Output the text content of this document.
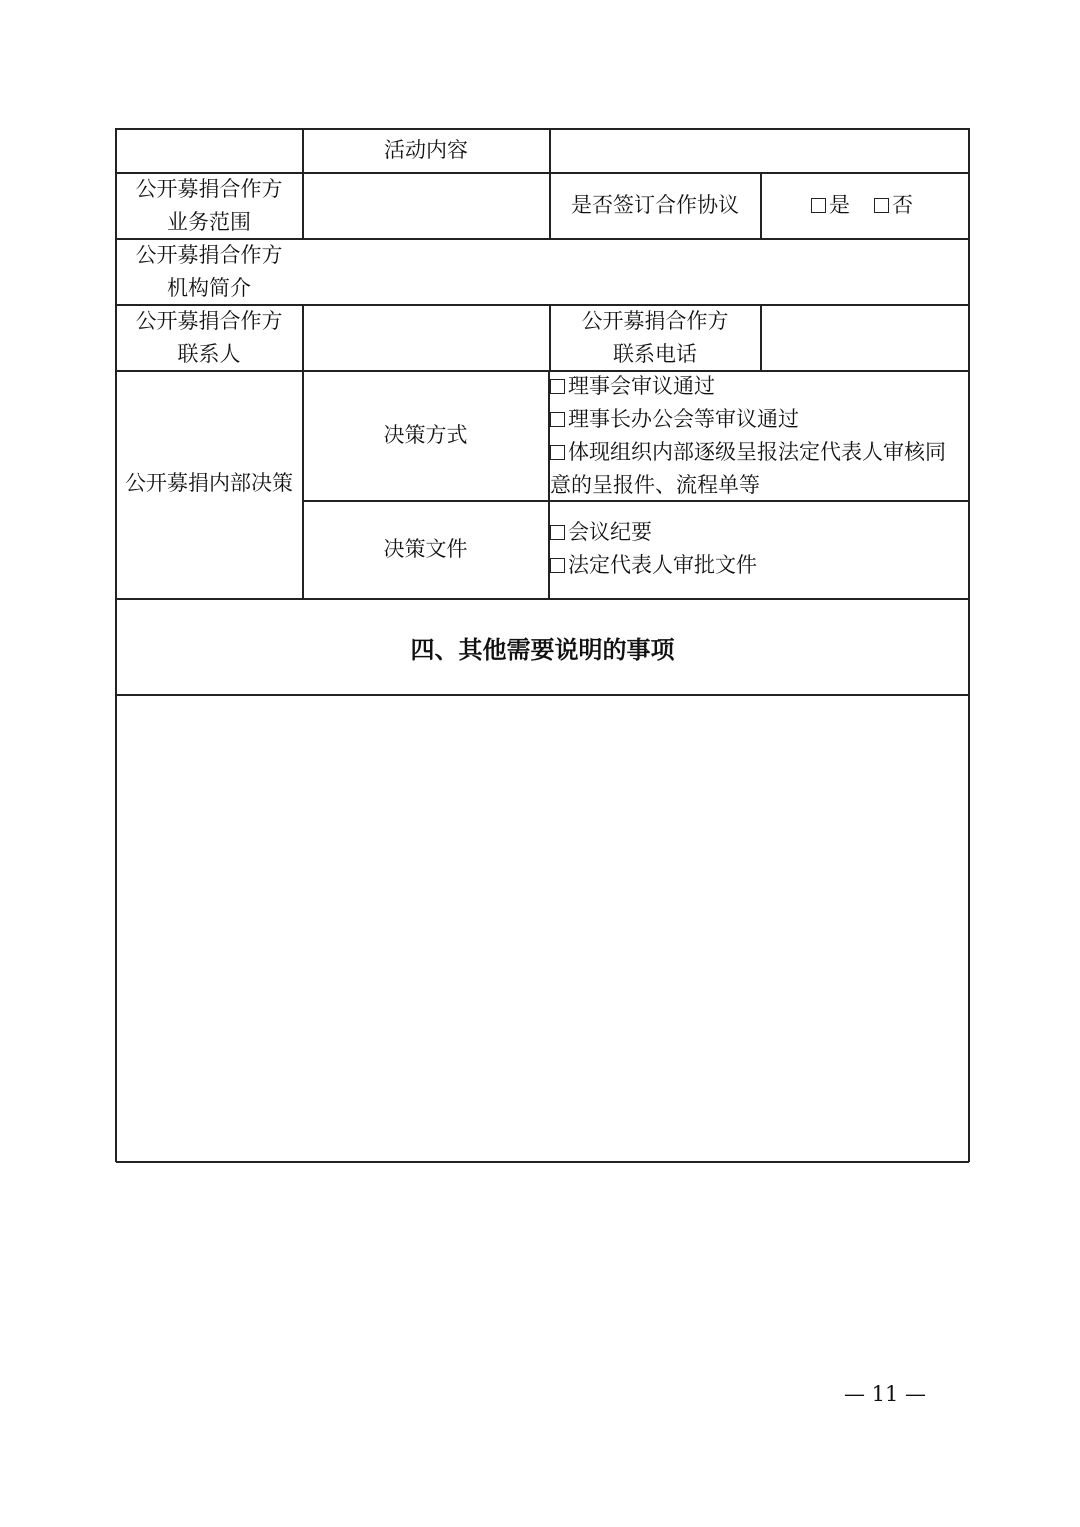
活动内容
公开募捐合作方
业务范围
是否签订合作协议	是 否
公开募捐合作方
机构简介
公开募捐合作方
联系人
公开募捐合作方
联系电话
公开募捐内部决策
决策方式
理事会审议通过
理事长办公会等审议通过
体现组织内部逐级呈报法定代表人审核同
意的呈报件、流程单等
决策文件
会议纪要
法定代表人审批文件
四、其他需要说明的事项
— 11 —
